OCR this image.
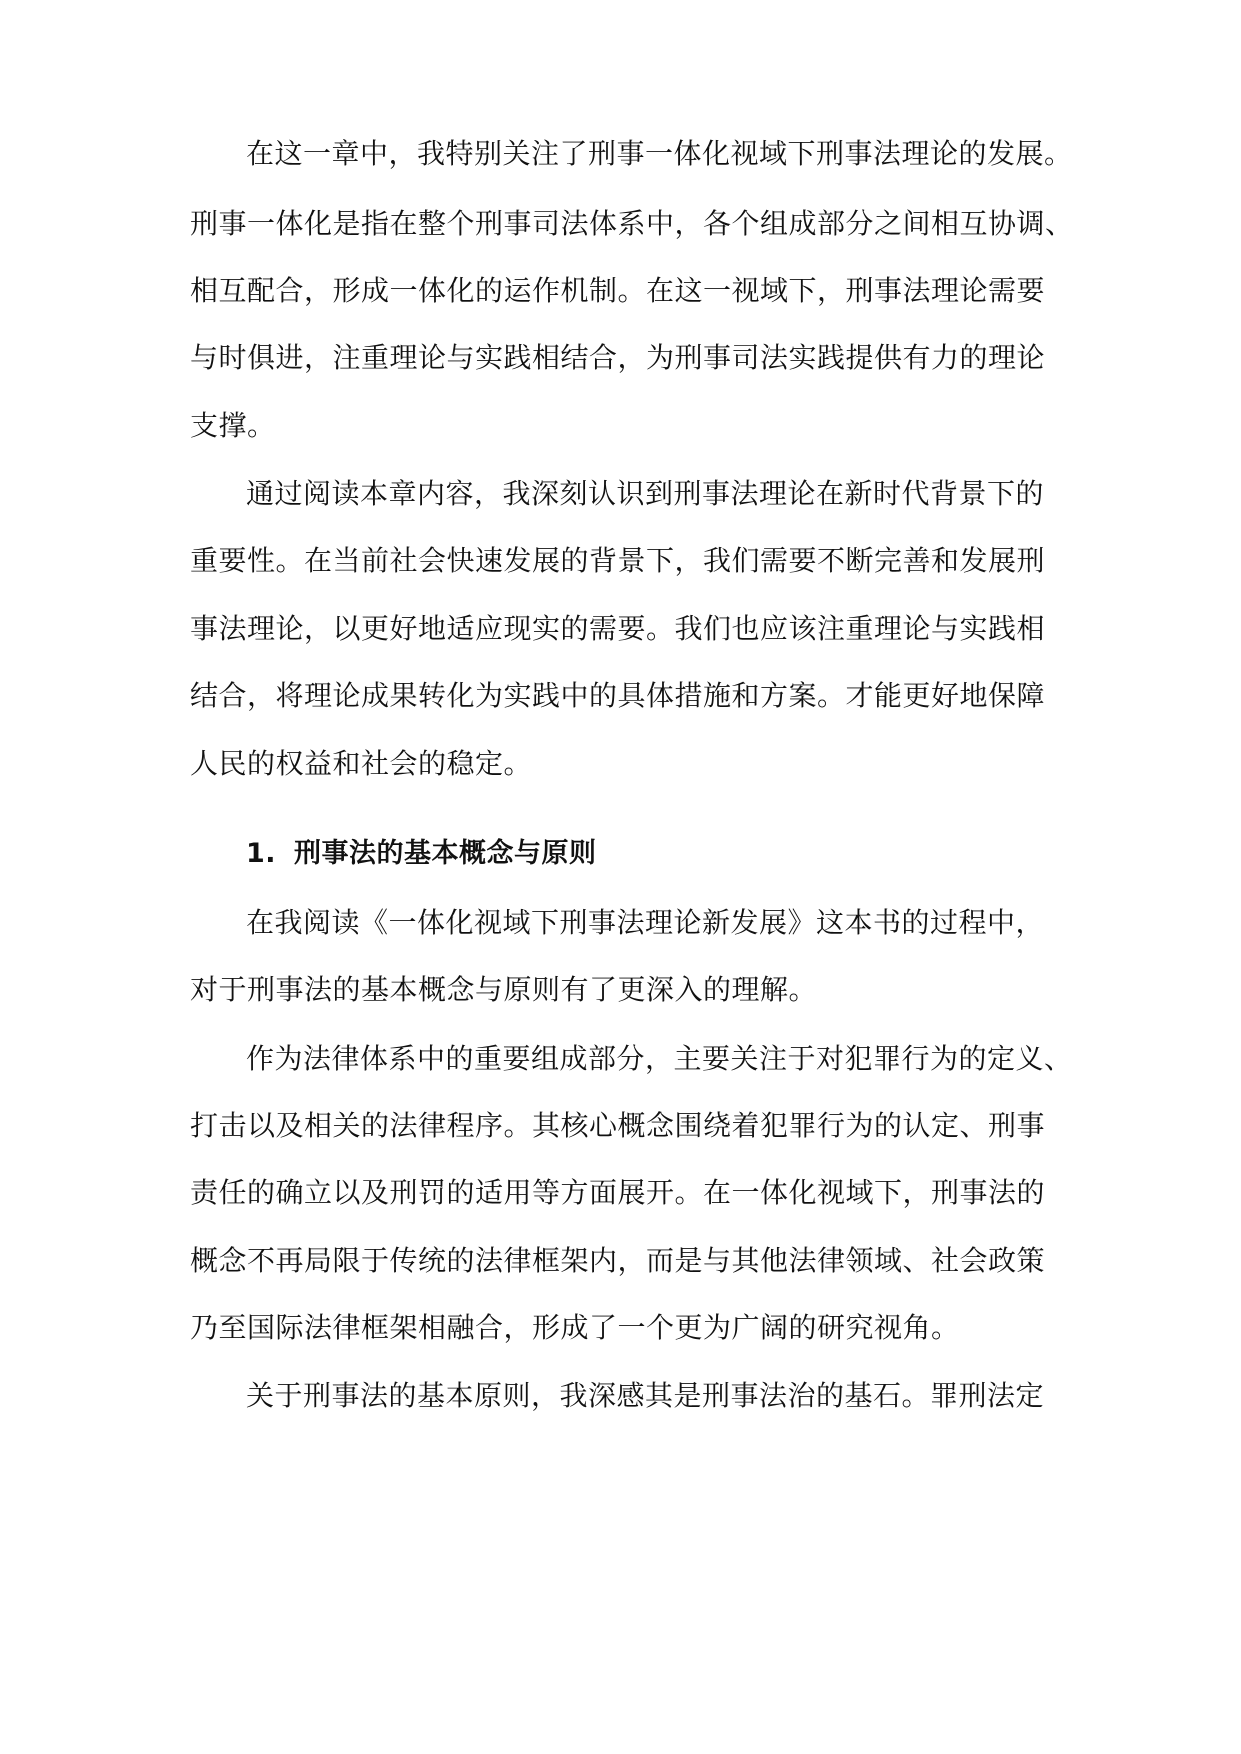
在这一章中，我特别关注了刑事一体化视域下刑事法理论的发展。
刑事一体化是指在整个刑事司法体系中，各个组成部分之间相互协调、
相互配合，形成一体化的运作机制。在这一视域下，刑事法理论需要
与时俱进，注重理论与实践相结合，为刑事司法实践提供有力的理论
支撑。
通过阅读本章内容，我深刻认识到刑事法理论在新时代背景下的
重要性。在当前社会快速发展的背景下，我们需要不断完善和发展刑
事法理论，以更好地适应现实的需要。我们也应该注重理论与实践相
结合，将理论成果转化为实践中的具体措施和方案。才能更好地保障
人民的权益和社会的稳定。
1. 刑事法的基本概念与原则
在我阅读《一体化视域下刑事法理论新发展》这本书的过程中，
对于刑事法的基本概念与原则有了更深入的理解。
作为法律体系中的重要组成部分，主要关注于对犯罪行为的定义、
打击以及相关的法律程序。其核心概念围绕着犯罪行为的认定、刑事
责任的确立以及刑罚的适用等方面展开。在一体化视域下，刑事法的
概念不再局限于传统的法律框架内，而是与其他法律领域、社会政策
乃至国际法律框架相融合，形成了一个更为广阔的研究视角。
关于刑事法的基本原则，我深感其是刑事法治的基石。罪刑法定
